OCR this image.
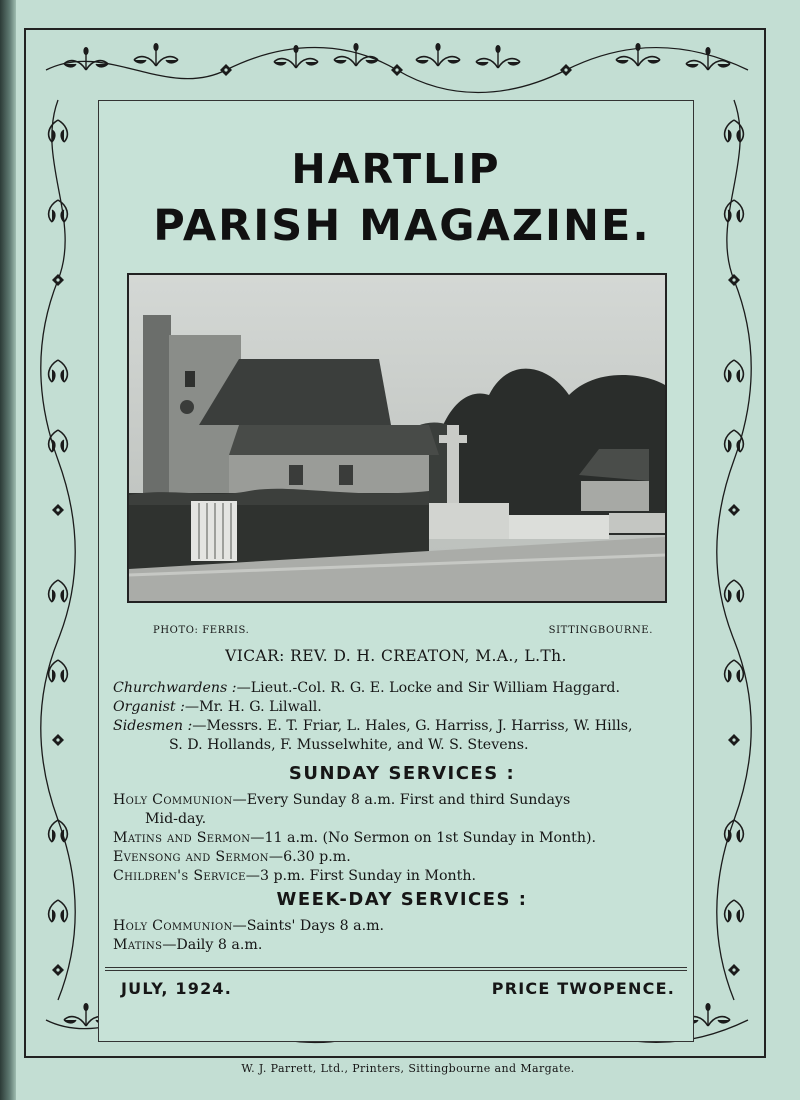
HARTLIP
PARISH MAGAZINE.
PHOTO: FERRIS.	SITTINGBOURNE.
VICAR: REV. D. H. CREATON, M.A., L.Th.
Churchwardens :—Lieut.-Col. R. G. E. Locke and Sir William Haggard.
Organist :—Mr. H. G. Lilwall.
Sidesmen :—Messrs. E. T. Friar, L. Hales, G. Harriss, J. Harriss, W. Hills,
S. D. Hollands, F. Musselwhite, and W. S. Stevens.
SUNDAY SERVICES :
Holy Communion—Every Sunday 8 a.m. First and third Sundays
Mid-day.
Matins and Sermon—11 a.m. (No Sermon on 1st Sunday in Month).
Evensong and Sermon—6.30 p.m.
Children's Service—3 p.m. First Sunday in Month.
WEEK-DAY SERVICES :
Holy Communion—Saints' Days 8 a.m.
Matins—Daily 8 a.m.
JULY, 1924.	PRICE TWOPENCE.
W. J. Parrett, Ltd., Printers, Sittingbourne and Margate.
